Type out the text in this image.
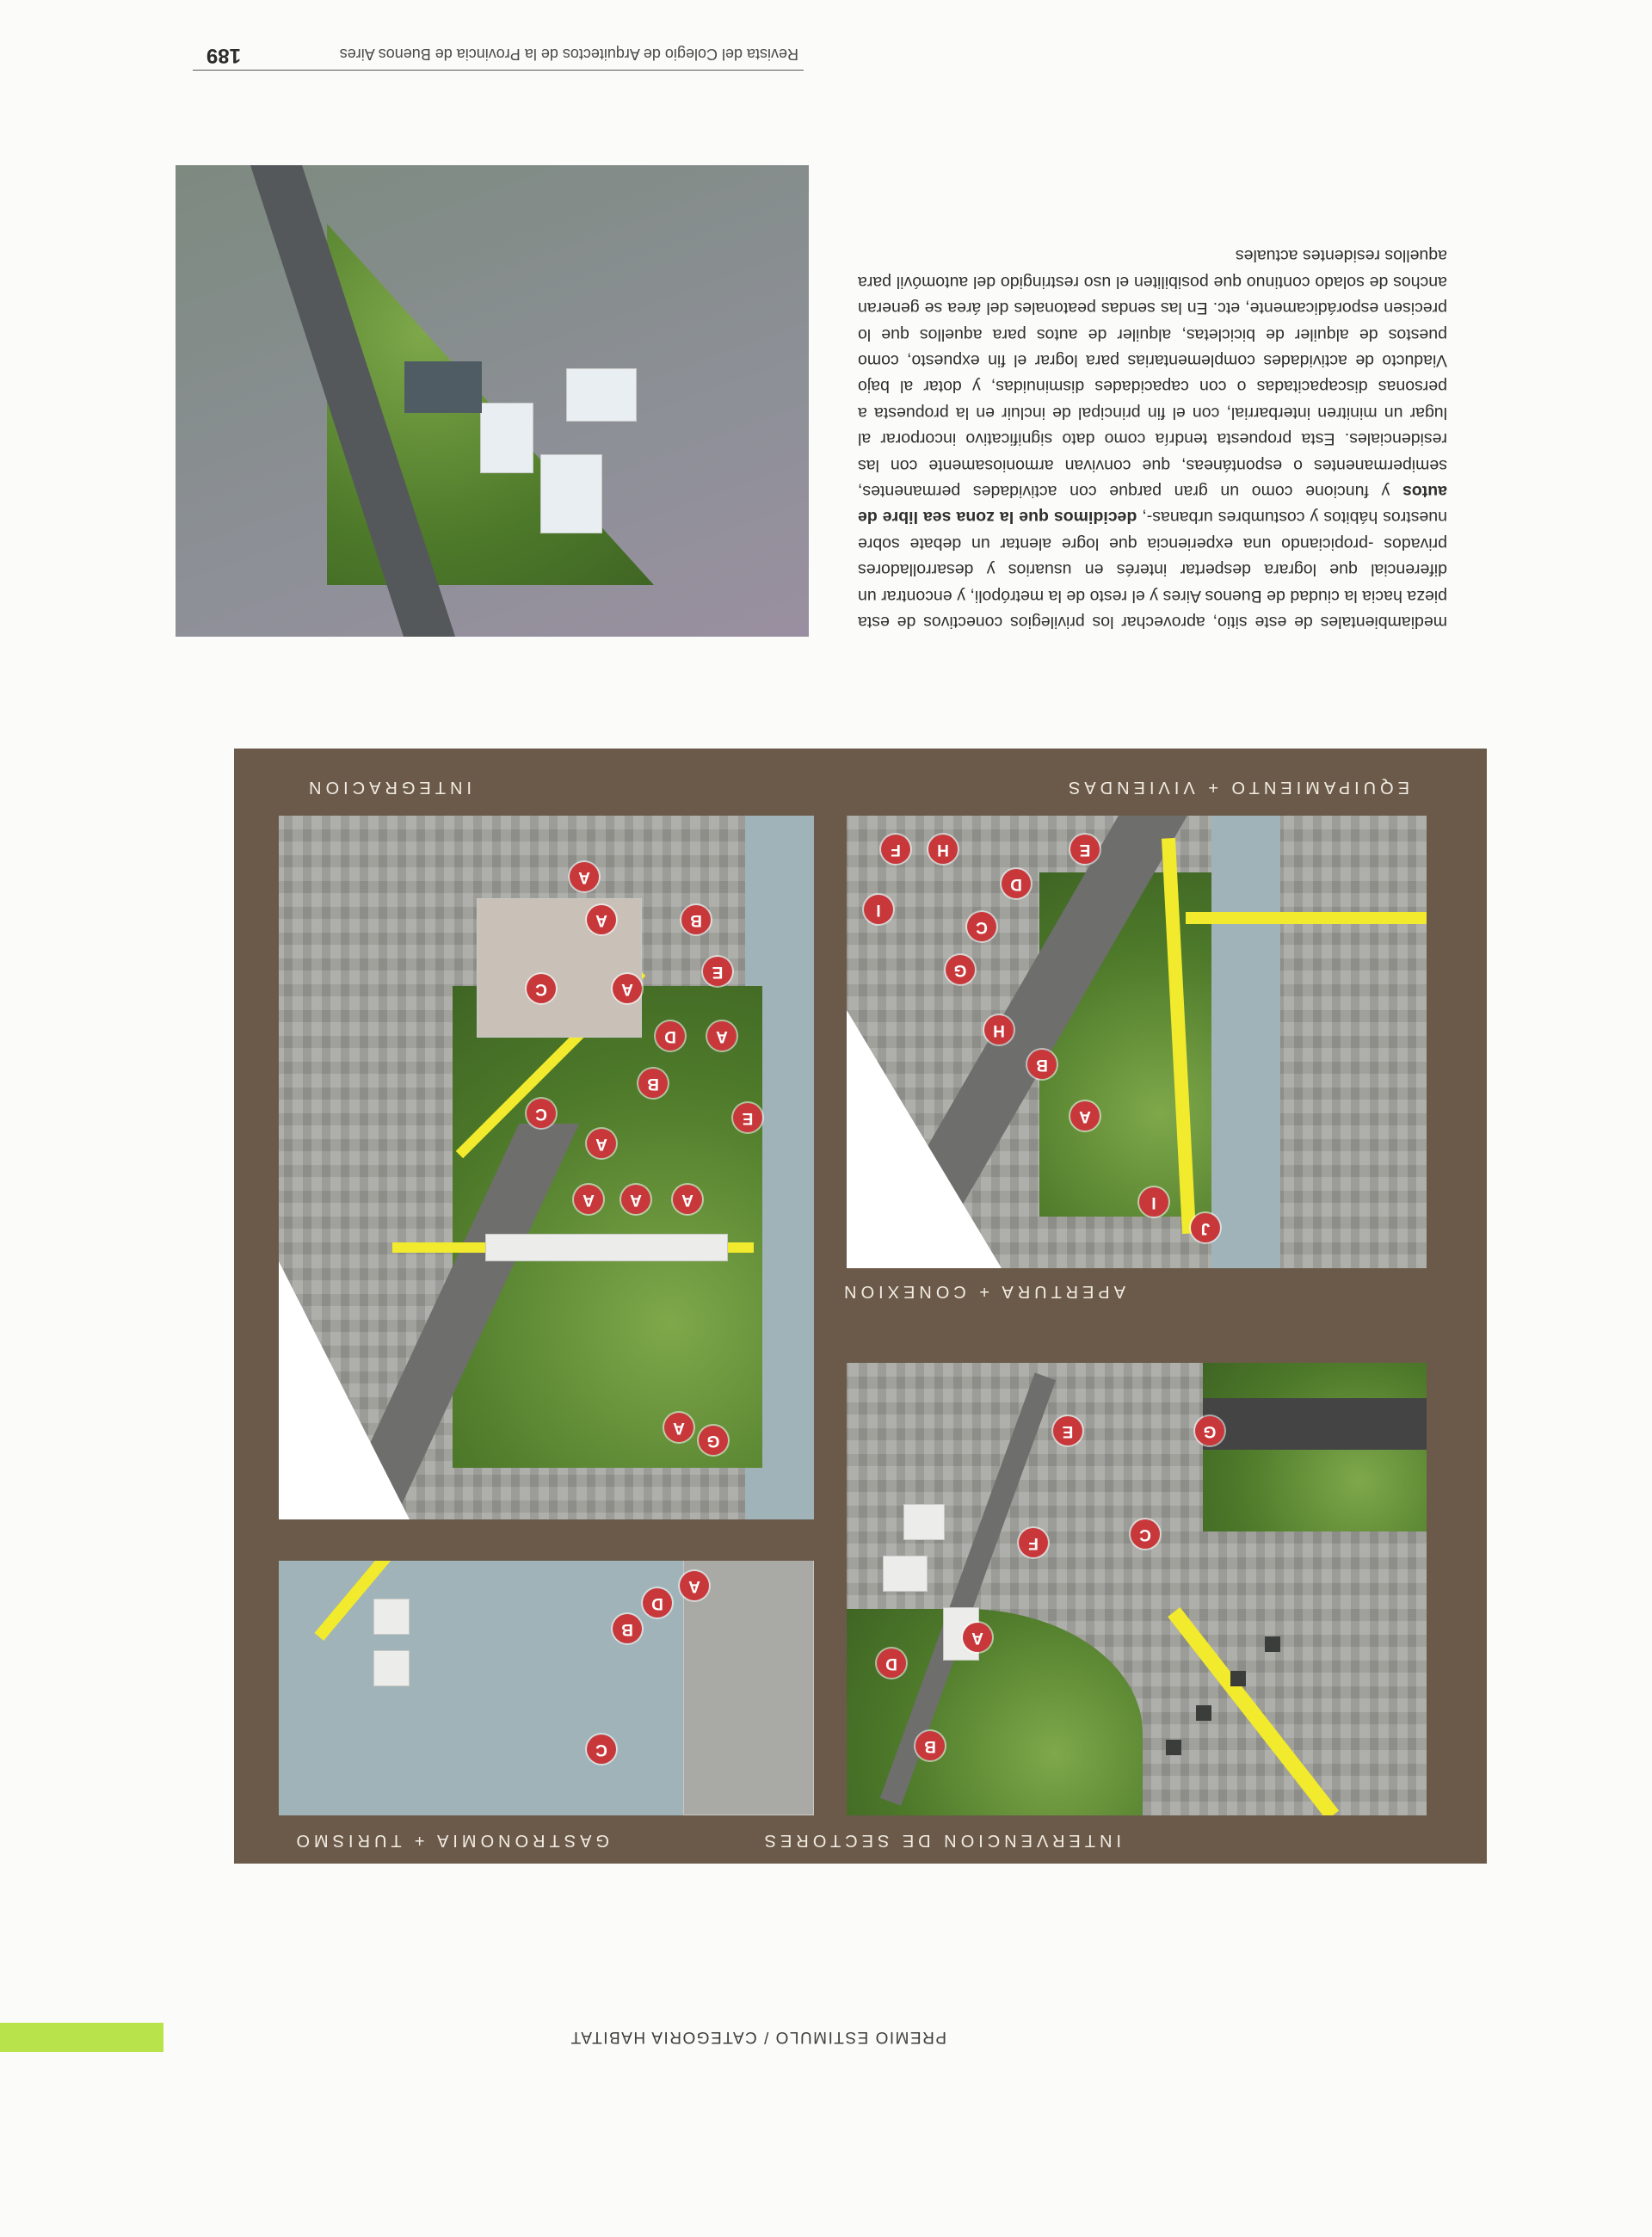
PREMIO ESTIMULO / CATEGORIA HABITAT
INTERVENCION DE SECTORES
B
D
A
F
E	G
C
GASTRONOMIA + TURISMO
C
B
D
A
APERTURA + CONEXION
J
I
A
B
H
G
C
D
H
F
I
E
INTEGRACION
E
G
A
A
A
A
A
B
C
E
A
D
A
B
A
C
A
EQUIPAMIENTO + VIVIENDAS
mediambientales de este sitio, aprovechar los privilegios conectivos de esta pieza hacia la ciudad de Buenos Aires y el resto de la metrópoli, y encontrar un diferencial que lograra despertar interés en usuarios y desarrolladores privados -propiciando una experiencia que logre alentar un debate sobre nuestros hábitos y costumbres urbanas-, decidimos que la zona sea libre de autos y funcione como un gran parque con actividades permanentes, semipermanentes o espontáneas, que convivan armoniosamente con las residenciales. Esta propuesta tendría como dato significativo incorporar al lugar un minitren interbarrial, con el fin principal de incluir en la propuesta a personas discapacitadas o con capacidades disminuidas, y dotar al bajo Viaducto de actividades complementarias para lograr el fin expuesto, como puestos de alquiler de bicicletas, alquiler de autos para aquellos que lo precisen esporádicamente, etc. En las sendas peatonales del área se generan anchos de solado continuo que posibiliten el uso restringido del automóvil para aquellos residentes actuales
Revista del Colegio de Arquitectos de la Provincia de Buenos Aires
189
